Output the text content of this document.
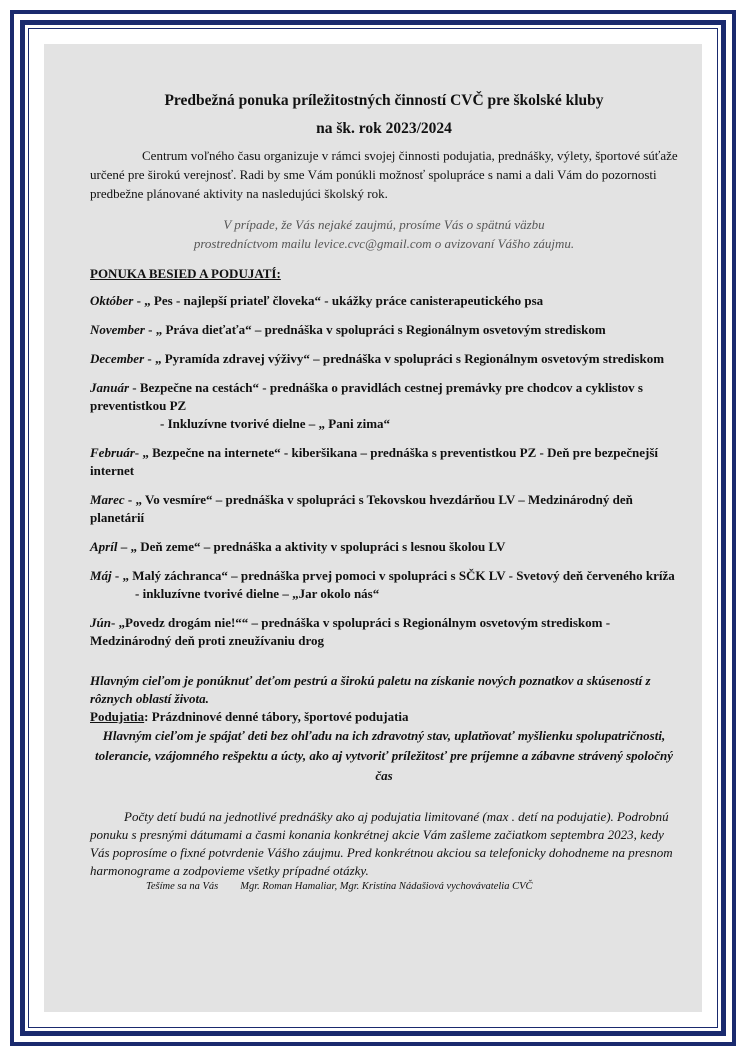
Predbežná ponuka príležitostných činností CVČ pre školské kluby
na šk. rok 2023/2024

Centrum voľného času organizuje v rámci svojej činnosti podujatia, prednášky, výlety, športové súťaže určené pre širokú verejnosť. Radi by sme Vám ponúkli možnosť spolupráce s nami a dali Vám do pozornosti predbežne plánované aktivity na nasledujúci školský rok.

V prípade, že Vás nejaké zaujmú, prosíme Vás o spätnú väzbu
prostredníctvom mailu levice.cvc@gmail.com o avizovaní Vášho záujmu.

PONUKA BESIED A PODUJATÍ:

Október - „ Pes - najlepší priateľ človeka“ - ukážky práce canisterapeutického psa

November - „ Práva dieťaťa“ – prednáška v spolupráci s Regionálnym osvetovým strediskom

December - „ Pyramída zdravej výživy“ – prednáška v spolupráci s Regionálnym osvetovým strediskom

Január - Bezpečne na cestách“ - prednáška o pravidlách cestnej premávky pre chodcov a cyklistov s preventistkou PZ
- Inkluzívne tvorivé dielne – „ Pani zima“

Február- „ Bezpečne na internete“ - kiberšikana – prednáška s preventistkou PZ - Deň pre bezpečnejší internet

Marec - „ Vo vesmíre“ – prednáška v spolupráci s Tekovskou hvezdárňou LV – Medzinárodný deň planetárií

Apríl – „ Deň zeme“ – prednáška a aktivity v spolupráci s lesnou školou LV

Máj - „ Malý záchranca“ – prednáška prvej pomoci v spolupráci s SČK LV - Svetový deň červeného kríža
- inkluzívne tvorivé dielne – „Jar okolo nás“

Jún- „Povedz drogám nie!““ – prednáška v spolupráci s Regionálnym osvetovým strediskom - Medzinárodný deň proti zneužívaniu drog

Hlavným cieľom je ponúknuť deťom pestrú a širokú paletu na získanie nových poznatkov a skúseností z rôznych oblastí života.

Podujatia: Prázdninové denné tábory, športové podujatia

Hlavným cieľom je spájať deti bez ohľadu na ich zdravotný stav, uplatňovať myšlienku spolupatričnosti, tolerancie, vzájomného rešpektu a úcty, ako aj vytvoriť príležitosť pre príjemne a zábavne strávený spoločný čas

Počty detí budú na jednotlivé prednášky ako aj podujatia limitované (max . detí na podujatie). Podrobnú ponuku s presnými dátumami a časmi konania konkrétnej akcie Vám zašleme začiatkom septembra 2023, kedy Vás poprosíme o fixné potvrdenie Vášho záujmu. Pred konkrétnou akciou sa telefonicky dohodneme na presnom harmonograme a zodpovieme všetky prípadné otázky.

Tešíme sa na Vás Mgr. Roman Hamaliar, Mgr. Kristína Nádašiová vychovávatelia CVČ
